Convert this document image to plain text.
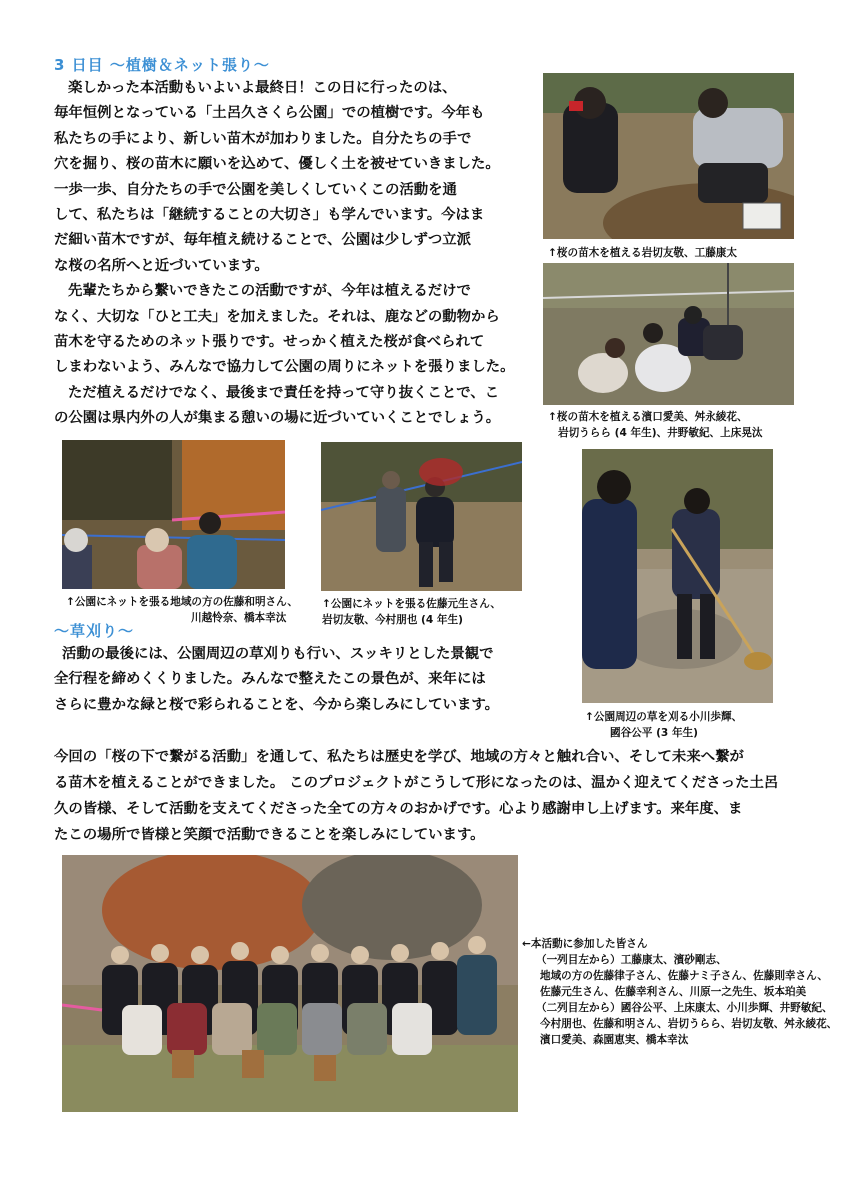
3 日目 〜植樹＆ネット張り〜

楽しかった本活動もいよいよ最終日！この日に行ったのは、

毎年恒例となっている「土呂久さくら公園」での植樹です。今年も

私たちの手により、新しい苗木が加わりました。自分たちの手で

穴を掘り、桜の苗木に願いを込めて、優しく土を被せていきました。

一歩一歩、自分たちの手で公園を美しくしていくこの活動を通

して、私たちは「継続することの大切さ」も学んでいます。今はま

だ細い苗木ですが、毎年植え続けることで、公園は少しずつ立派

な桜の名所へと近づいています。

先輩たちから繋いできたこの活動ですが、今年は植えるだけで

なく、大切な「ひと工夫」を加えました。それは、鹿などの動物から

苗木を守るためのネット張りです。せっかく植えた桜が食べられて

しまわないよう、みんなで協力して公園の周りにネットを張りました。

ただ植えるだけでなく、最後まで責任を持って守り抜くことで、こ

の公園は県内外の人が集まる憩いの場に近づいていくことでしょう。

↑桜の苗木を植える岩切友敬、工藤康太
↑桜の苗木を植える濱口愛美、舛永綾花、
岩切うらら (4 年生)、井野敏紀、上床晃汰
↑公園にネットを張る地域の方の佐藤和明さん、
川越怜奈、橋本幸汰
↑公園にネットを張る佐藤元生さん、
岩切友敬、今村朋也 (4 年生)
↑公園周辺の草を刈る小川歩輝、
國谷公平 (3 年生)
〜草刈り〜

活動の最後には、公園周辺の草刈りも行い、スッキリとした景観で

全行程を締めくくりました。みんなで整えたこの景色が、来年には

さらに豊かな緑と桜で彩られることを、今から楽しみにしています。

今回の「桜の下で繋がる活動」を通して、私たちは歴史を学び、地域の方々と触れ合い、そして未来へ繋が

る苗木を植えることができました。 このプロジェクトがこうして形になったのは、温かく迎えてくださった土呂

久の皆様、そして活動を支えてくださった全ての方々のおかげです。心より感謝申し上げます。来年度、ま

たこの場所で皆様と笑顔で活動できることを楽しみにしています。

←本活動に参加した皆さん
（一列目左から）工藤康太、濱砂剛志、
地域の方の佐藤律子さん、佐藤ナミ子さん、佐藤則幸さん、
佐藤元生さん、佐藤幸利さん、川原一之先生、坂本珀美
（二列目左から）國谷公平、上床康太、小川歩輝、井野敏紀、
今村朋也、佐藤和明さん、岩切うらら、岩切友敬、舛永綾花、
濱口愛美、森園恵実、橋本幸汰
